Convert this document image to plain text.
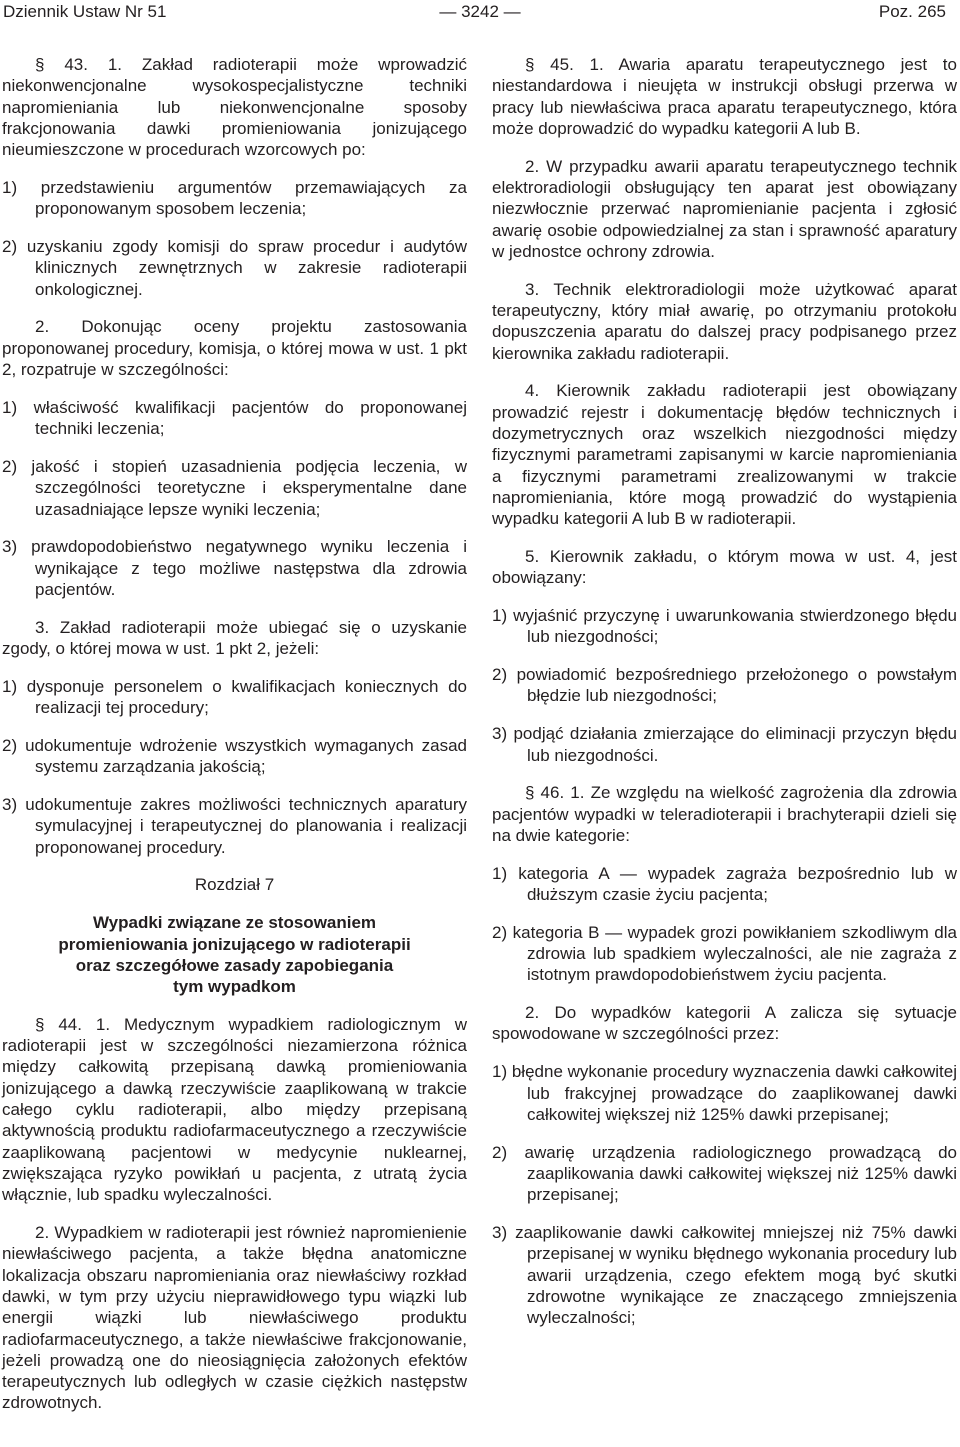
Dziennik Ustaw Nr 51	— 3242 —	Poz. 265
§ 43. 1. Zakład radioterapii może wprowadzić niekonwencjonalne wysokospecjalistyczne techniki napromieniania lub niekonwencjonalne sposoby frakcjonowania dawki promieniowania jonizującego nieumieszczone w procedurach wzorcowych po:
1) przedstawieniu argumentów przemawiających za proponowanym sposobem leczenia;
2) uzyskaniu zgody komisji do spraw procedur i audytów klinicznych zewnętrznych w zakresie radioterapii onkologicznej.
2. Dokonując oceny projektu zastosowania proponowanej procedury, komisja, o której mowa w ust. 1 pkt 2, rozpatruje w szczególności:
1) właściwość kwalifikacji pacjentów do proponowanej techniki leczenia;
2) jakość i stopień uzasadnienia podjęcia leczenia, w szczególności teoretyczne i eksperymentalne dane uzasadniające lepsze wyniki leczenia;
3) prawdopodobieństwo negatywnego wyniku leczenia i wynikające z tego możliwe następstwa dla zdrowia pacjentów.
3. Zakład radioterapii może ubiegać się o uzyskanie zgody, o której mowa w ust. 1 pkt 2, jeżeli:
1) dysponuje personelem o kwalifikacjach koniecznych do realizacji tej procedury;
2) udokumentuje wdrożenie wszystkich wymaganych zasad systemu zarządzania jakością;
3) udokumentuje zakres możliwości technicznych aparatury symulacyjnej i terapeutycznej do planowania i realizacji proponowanej procedury.
Rozdział 7
Wypadki związane ze stosowaniem
promieniowania jonizującego w radioterapii
oraz szczegółowe zasady zapobiegania
tym wypadkom
§ 44. 1. Medycznym wypadkiem radiologicznym w radioterapii jest w szczególności niezamierzona różnica między całkowitą przepisaną dawką promieniowania jonizującego a dawką rzeczywiście zaaplikowaną w trakcie całego cyklu radioterapii, albo między przepisaną aktywnością produktu radiofarmaceutycznego a rzeczywiście zaaplikowaną pacjentowi w medycynie nuklearnej, zwiększająca ryzyko powikłań u pacjenta, z utratą życia włącznie, lub spadku wyleczalności.
2. Wypadkiem w radioterapii jest również napromienienie niewłaściwego pacjenta, a także błędna anatomiczne lokalizacja obszaru napromieniania oraz niewłaściwy rozkład dawki, w tym przy użyciu nieprawidłowego typu wiązki lub energii wiązki lub niewłaściwego produktu radiofarmaceutycznego, a także niewłaściwe frakcjonowanie, jeżeli prowadzą one do nieosiągnięcia założonych efektów terapeutycznych lub odległych w czasie ciężkich następstw zdrowotnych.
§ 45. 1. Awaria aparatu terapeutycznego jest to niestandardowa i nieujęta w instrukcji obsługi przerwa w pracy lub niewłaściwa praca aparatu terapeutycznego, która może doprowadzić do wypadku kategorii A lub B.
2. W przypadku awarii aparatu terapeutycznego technik elektroradiologii obsługujący ten aparat jest obowiązany niezwłocznie przerwać napromienianie pacjenta i zgłosić awarię osobie odpowiedzialnej za stan i sprawność aparatury w jednostce ochrony zdrowia.
3. Technik elektroradiologii może użytkować aparat terapeutyczny, który miał awarię, po otrzymaniu protokołu dopuszczenia aparatu do dalszej pracy podpisanego przez kierownika zakładu radioterapii.
4. Kierownik zakładu radioterapii jest obowiązany prowadzić rejestr i dokumentację błędów technicznych i dozymetrycznych oraz wszelkich niezgodności między fizycznymi parametrami zapisanymi w karcie napromieniania a fizycznymi parametrami zrealizowanymi w trakcie napromieniania, które mogą prowadzić do wystąpienia wypadku kategorii A lub B w radioterapii.
5. Kierownik zakładu, o którym mowa w ust. 4, jest obowiązany:
1) wyjaśnić przyczynę i uwarunkowania stwierdzonego błędu lub niezgodności;
2) powiadomić bezpośredniego przełożonego o powstałym błędzie lub niezgodności;
3) podjąć działania zmierzające do eliminacji przyczyn błędu lub niezgodności.
§ 46. 1. Ze względu na wielkość zagrożenia dla zdrowia pacjentów wypadki w teleradioterapii i brachyterapii dzieli się na dwie kategorie:
1) kategoria A — wypadek zagraża bezpośrednio lub w dłuższym czasie życiu pacjenta;
2) kategoria B — wypadek grozi powikłaniem szkodliwym dla zdrowia lub spadkiem wyleczalności, ale nie zagraża z istotnym prawdopodobieństwem życiu pacjenta.
2. Do wypadków kategorii A zalicza się sytuacje spowodowane w szczególności przez:
1) błędne wykonanie procedury wyznaczenia dawki całkowitej lub frakcyjnej prowadzące do zaaplikowanej dawki całkowitej większej niż 125% dawki przepisanej;
2) awarię urządzenia radiologicznego prowadzącą do zaaplikowania dawki całkowitej większej niż 125% dawki przepisanej;
3) zaaplikowanie dawki całkowitej mniejszej niż 75% dawki przepisanej w wyniku błędnego wykonania procedury lub awarii urządzenia, czego efektem mogą być skutki zdrowotne wynikające ze znaczącego zmniejszenia wyleczalności;
